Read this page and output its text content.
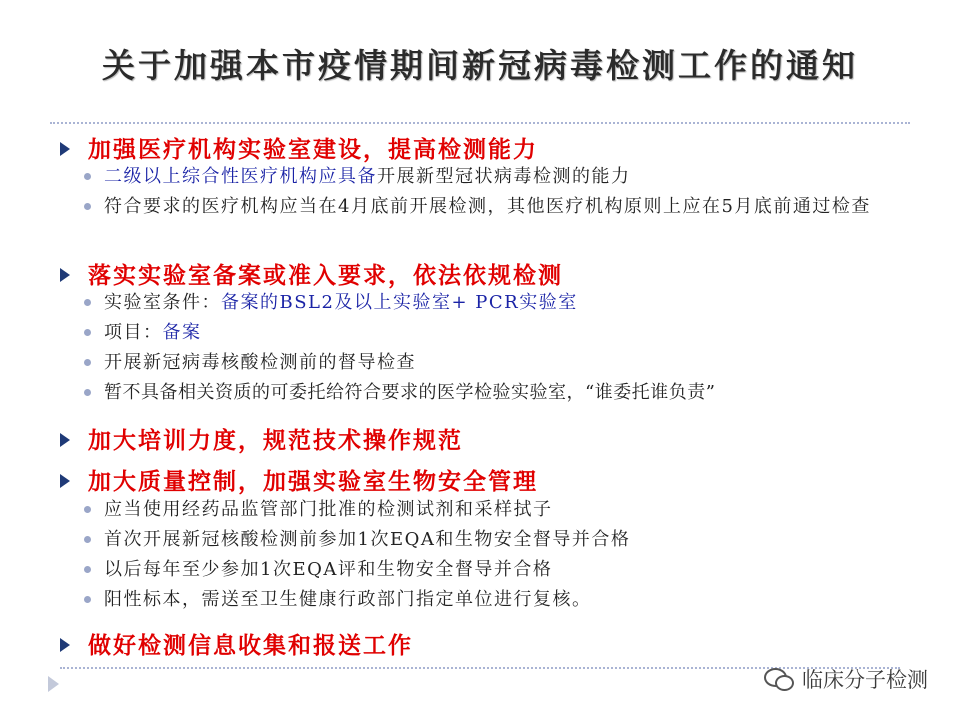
关于加强本市疫情期间新冠病毒检测工作的通知
加强医疗机构实验室建设，提高检测能力
二级以上综合性医疗机构应具备开展新型冠状病毒检测的能力
符合要求的医疗机构应当在4月底前开展检测，其他医疗机构原则上应在5月底前通过检查
落实实验室备案或准入要求，依法依规检测
实验室条件：备案的BSL2及以上实验室+ PCR实验室
项目：备案
开展新冠病毒核酸检测前的督导检查
暂不具备相关资质的可委托给符合要求的医学检验实验室，“谁委托谁负责”
加大培训力度，规范技术操作规范
加大质量控制，加强实验室生物安全管理
应当使用经药品监管部门批准的检测试剂和采样拭子
首次开展新冠核酸检测前参加1次EQA和生物安全督导并合格
以后每年至少参加1次EQA评和生物安全督导并合格
阳性标本，需送至卫生健康行政部门指定单位进行复核。
做好检测信息收集和报送工作
临床分子检测
